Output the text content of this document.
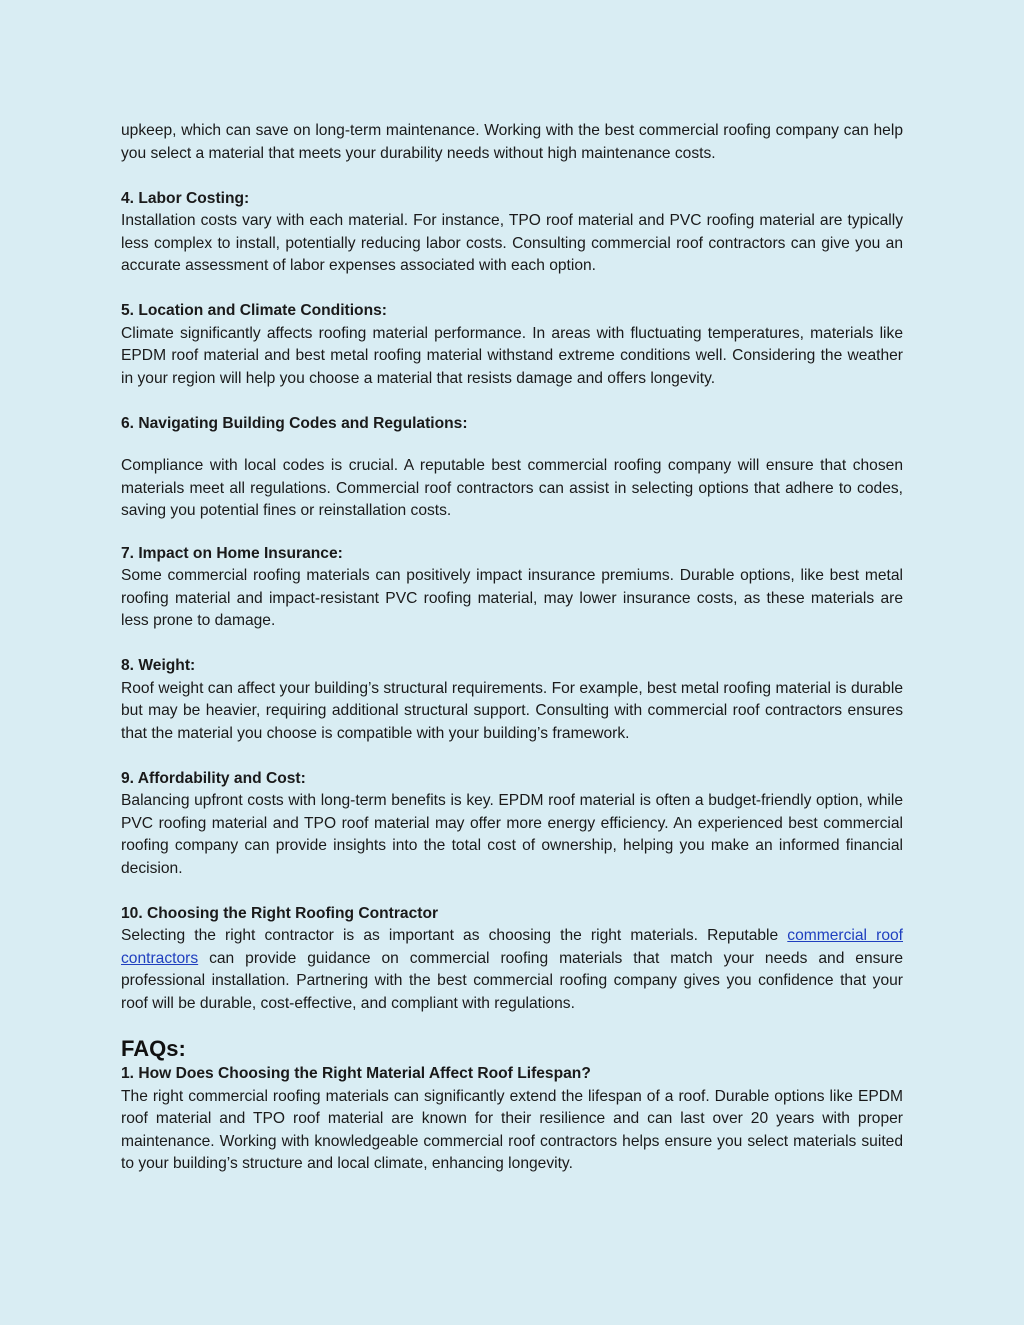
upkeep, which can save on long-term maintenance. Working with the best commercial roofing company can help you select a material that meets your durability needs without high maintenance costs.

4. Labor Costing:

Installation costs vary with each material. For instance, TPO roof material and PVC roofing material are typically less complex to install, potentially reducing labor costs. Consulting commercial roof contractors can give you an accurate assessment of labor expenses associated with each option.

5. Location and Climate Conditions:

Climate significantly affects roofing material performance. In areas with fluctuating temperatures, materials like EPDM roof material and best metal roofing material withstand extreme conditions well. Considering the weather in your region will help you choose a material that resists damage and offers longevity.

6. Navigating Building Codes and Regulations:

Compliance with local codes is crucial. A reputable best commercial roofing company will ensure that chosen materials meet all regulations. Commercial roof contractors can assist in selecting options that adhere to codes, saving you potential fines or reinstallation costs.

7. Impact on Home Insurance:

Some commercial roofing materials can positively impact insurance premiums. Durable options, like best metal roofing material and impact-resistant PVC roofing material, may lower insurance costs, as these materials are less prone to damage.

8. Weight:

Roof weight can affect your building’s structural requirements. For example, best metal roofing material is durable but may be heavier, requiring additional structural support. Consulting with commercial roof contractors ensures that the material you choose is compatible with your building’s framework.

9. Affordability and Cost:

Balancing upfront costs with long-term benefits is key. EPDM roof material is often a budget-friendly option, while PVC roofing material and TPO roof material may offer more energy efficiency. An experienced best commercial roofing company can provide insights into the total cost of ownership, helping you make an informed financial decision.

10. Choosing the Right Roofing Contractor

Selecting the right contractor is as important as choosing the right materials. Reputable commercial roof contractors can provide guidance on commercial roofing materials that match your needs and ensure professional installation. Partnering with the best commercial roofing company gives you confidence that your roof will be durable, cost-effective, and compliant with regulations.

FAQs:

1. How Does Choosing the Right Material Affect Roof Lifespan?

The right commercial roofing materials can significantly extend the lifespan of a roof. Durable options like EPDM roof material and TPO roof material are known for their resilience and can last over 20 years with proper maintenance. Working with knowledgeable commercial roof contractors helps ensure you select materials suited to your building’s structure and local climate, enhancing longevity.
